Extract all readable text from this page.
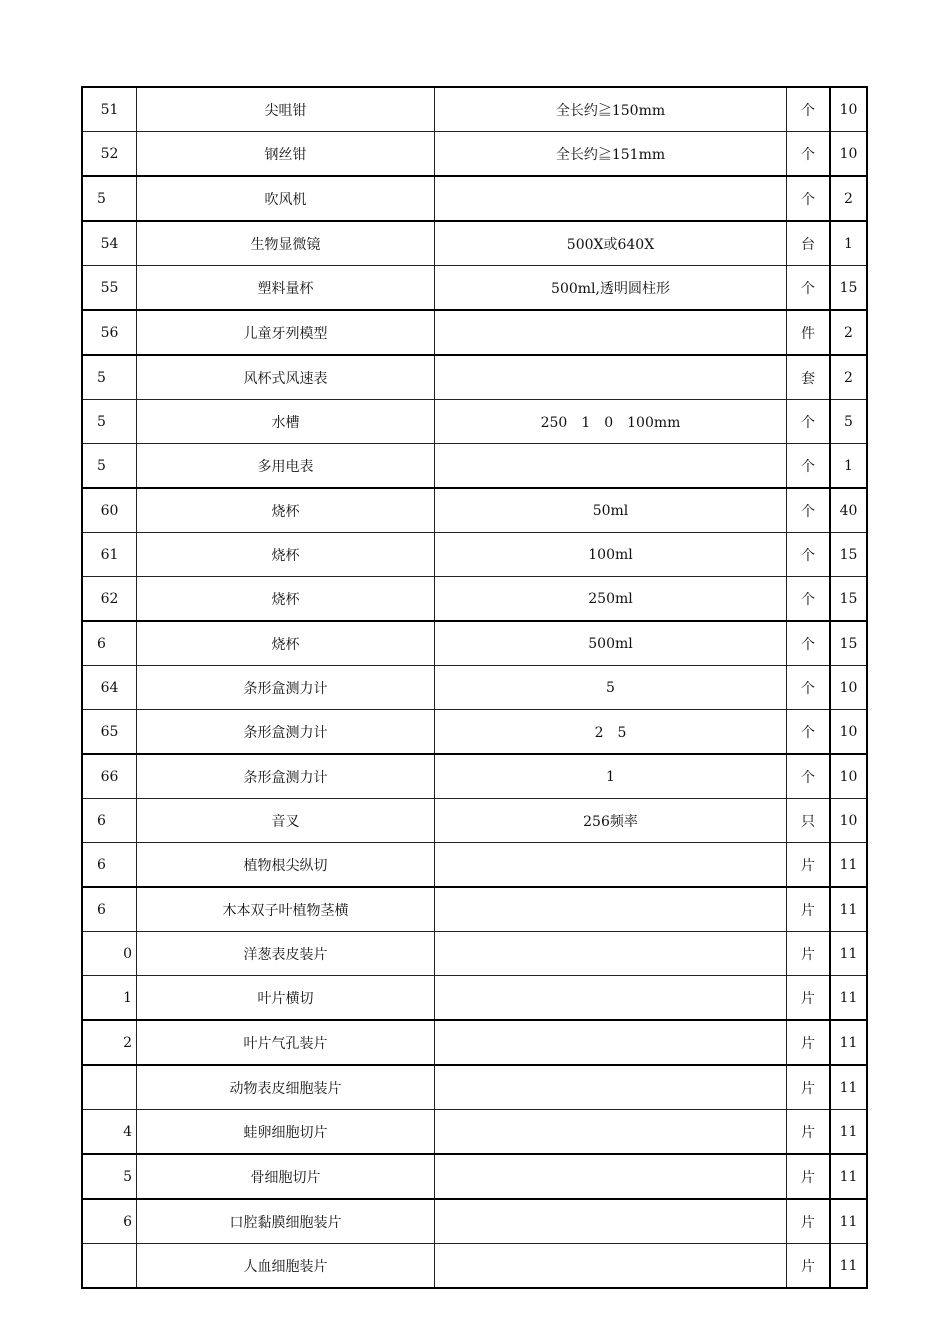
51	尖咀钳	全长约≧150mm	个	10
52	钢丝钳	全长约≧151mm	个	10
5	吹风机		个	2
54	生物显微镜	500X或640X	台	1
55	塑料量杯	500ml,透明圆柱形	个	15
56	儿童牙列模型		件	2
5	风杯式风速表		套	2
5	水槽	250　1　0　100mm	个	5
5	多用电表		个	1
60	烧杯	50ml	个	40
61	烧杯	100ml	个	15
62	烧杯	250ml	个	15
6	烧杯	500ml	个	15
64	条形盒测力计	5	个	10
65	条形盒测力计	2　5	个	10
66	条形盒测力计	1	个	10
6	音叉	256频率	只	10
6	植物根尖纵切		片	11
6	木本双子叶植物茎横		片	11
0	洋葱表皮装片		片	11
1	叶片横切		片	11
2	叶片气孔装片		片	11
	动物表皮细胞装片		片	11
4	蛙卵细胞切片		片	11
5	骨细胞切片		片	11
6	口腔黏膜细胞装片		片	11
	人血细胞装片		片	11
